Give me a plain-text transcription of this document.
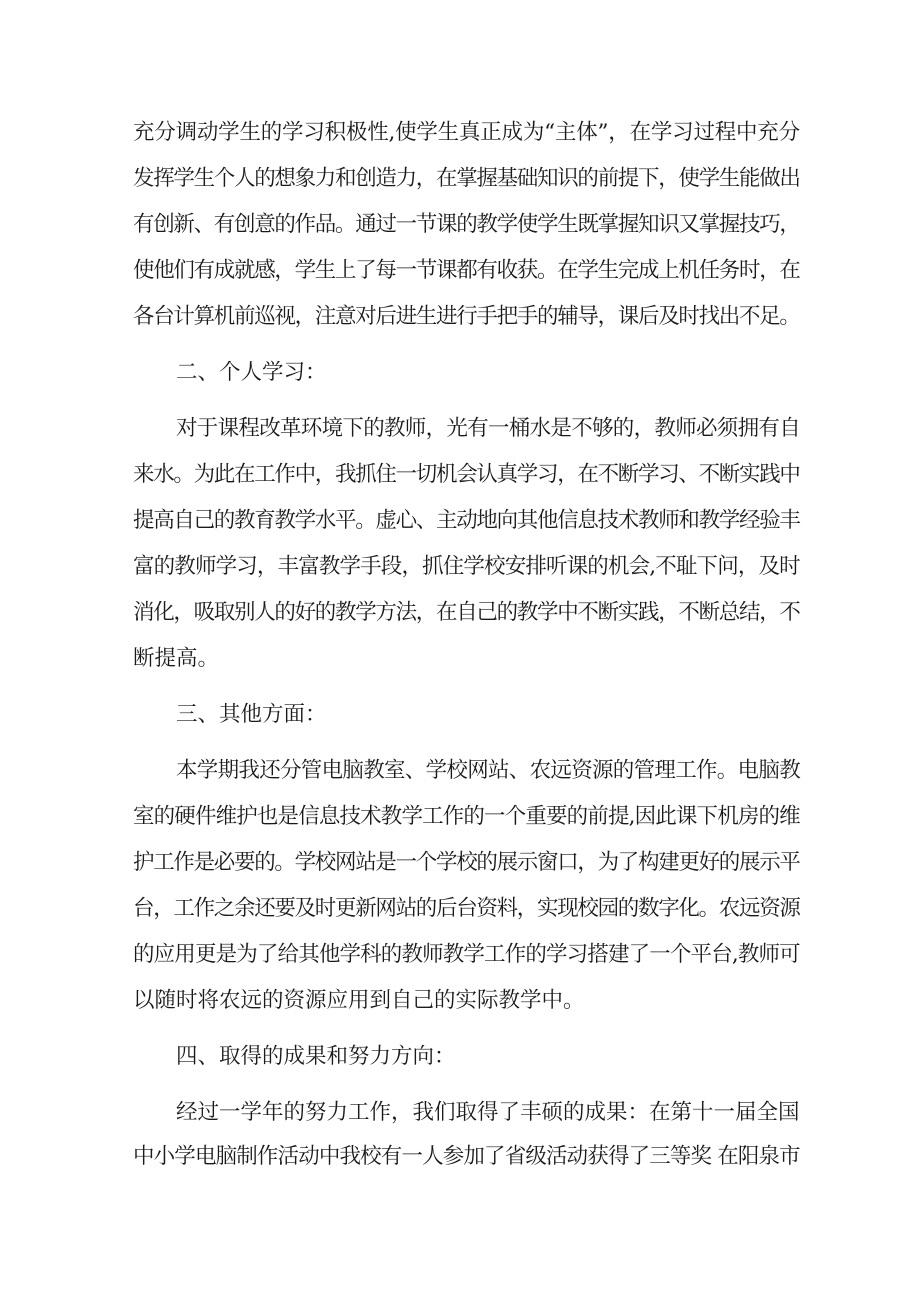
充分调动学生的学习积极性,使学生真正成为“主体”，在学习过程中充分
发挥学生个人的想象力和创造力，在掌握基础知识的前提下，使学生能做出
有创新、有创意的作品。通过一节课的教学使学生既掌握知识又掌握技巧，
使他们有成就感，学生上了每一节课都有收获。在学生完成上机任务时，在
各台计算机前巡视，注意对后进生进行手把手的辅导，课后及时找出不足。
二、个人学习：
对于课程改革环境下的教师，光有一桶水是不够的，教师必须拥有自
来水。为此在工作中，我抓住一切机会认真学习，在不断学习、不断实践中
提高自己的教育教学水平。虚心、主动地向其他信息技术教师和教学经验丰
富的教师学习，丰富教学手段，抓住学校安排听课的机会,不耻下问，及时
消化，吸取别人的好的教学方法，在自己的教学中不断实践，不断总结，不
断提高。
三、其他方面：
本学期我还分管电脑教室、学校网站、农远资源的管理工作。电脑教
室的硬件维护也是信息技术教学工作的一个重要的前提,因此课下机房的维
护工作是必要的。学校网站是一个学校的展示窗口，为了构建更好的展示平
台，工作之余还要及时更新网站的后台资料，实现校园的数字化。农远资源
的应用更是为了给其他学科的教师教学工作的学习搭建了一个平台,教师可
以随时将农远的资源应用到自己的实际教学中。
四、取得的成果和努力方向：
经过一学年的努力工作，我们取得了丰硕的成果：在第十一届全国
中小学电脑制作活动中我校有一人参加了省级活动获得了三等奖 在阳泉市
